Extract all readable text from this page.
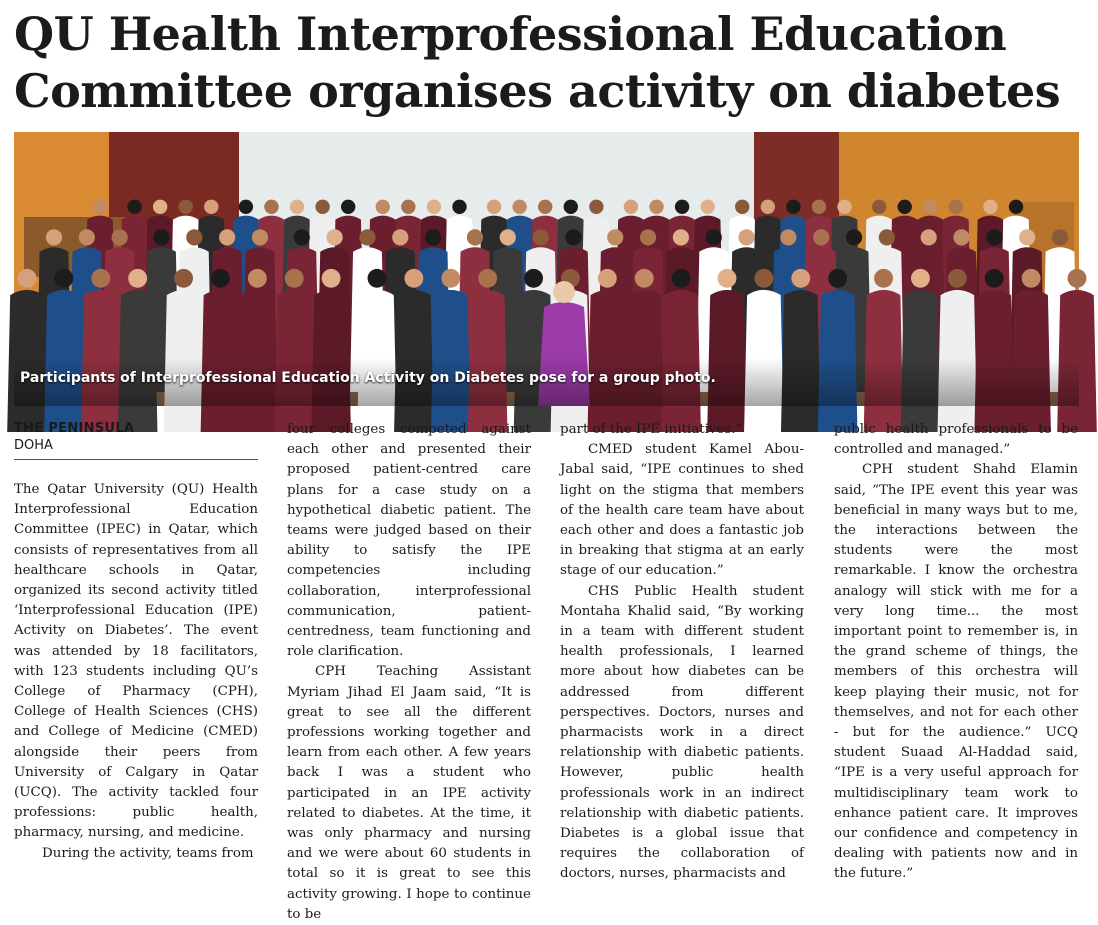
QU Health Interprofessional Education Committee organises activity on diabetes
Participants of Interprofessional Education Activity on Diabetes pose for a group photo.
THE PENINSULA
DOHA

The Qatar University (QU) Health Interprofessional Education Committee (IPEC) in Qatar, which consists of representatives from all healthcare schools in Qatar, organized its second activity titled ‘Interprofessional Education (IPE) Activity on Diabetes’. The event was attended by 18 facilitators, with 123 students including QU’s College of Pharmacy (CPH), College of Health Sciences (CHS) and College of Medicine (CMED) alongside their peers from University of Calgary in Qatar (UCQ). The activity tackled four professions: public health, pharmacy, nursing, and medicine.

During the activity, teams from

four colleges competed against each other and presented their proposed patient-centred care plans for a case study on a hypothetical diabetic patient. The teams were judged based on their ability to satisfy the IPE competencies including collaboration, interprofessional communication, patient-centredness, team functioning and role clarification.

CPH Teaching Assistant Myriam Jihad El Jaam said, “It is great to see all the different professions working together and learn from each other. A few years back I was a student who participated in an IPE activity related to diabetes. At the time, it was only pharmacy and nursing and we were about 60 students in total so it is great to see this activity growing. I hope to continue to be

part of the IPE initiatives.”

CMED student Kamel Abou-Jabal said, “IPE continues to shed light on the stigma that members of the health care team have about each other and does a fantastic job in breaking that stigma at an early stage of our education.”

CHS Public Health student Montaha Khalid said, “By working in a team with different student health professionals, I learned more about how diabetes can be addressed from different perspectives. Doctors, nurses and pharmacists work in a direct relationship with diabetic patients. However, public health professionals work in an indirect relationship with diabetic patients. Diabetes is a global issue that requires the collaboration of doctors, nurses, pharmacists and

public health professionals to be controlled and managed.”

CPH student Shahd Elamin said, “The IPE event this year was beneficial in many ways but to me, the interactions between the students were the most remarkable. I know the orchestra analogy will stick with me for a very long time... the most important point to remember is, in the grand scheme of things, the members of this orchestra will keep playing their music, not for themselves, and not for each other - but for the audience.” UCQ student Suaad Al-Haddad said, “IPE is a very useful approach for multidisciplinary team work to enhance patient care. It improves our confidence and competency in dealing with patients now and in the future.”
